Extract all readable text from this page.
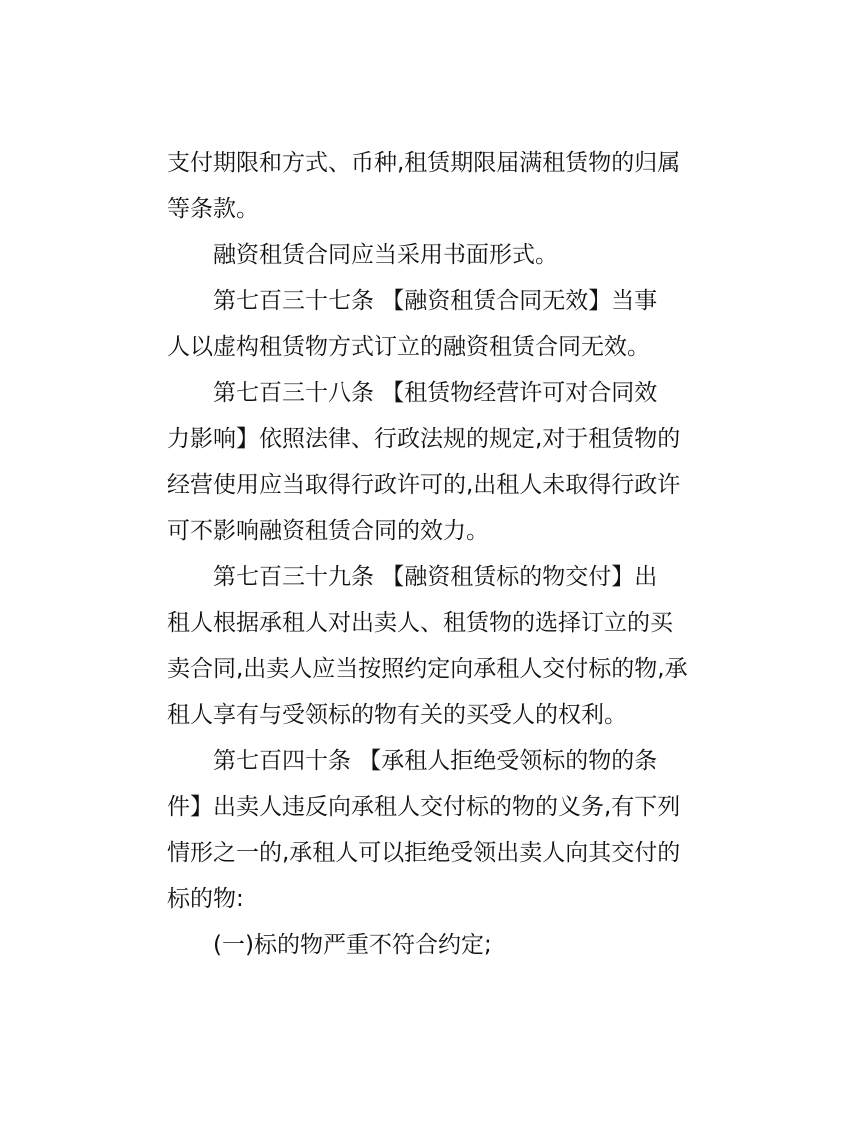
支付期限和方式、币种,租赁期限届满租赁物的归属
等条款。
融资租赁合同应当采用书面形式。
第七百三十七条 【融资租赁合同无效】当事
人以虚构租赁物方式订立的融资租赁合同无效。
第七百三十八条 【租赁物经营许可对合同效
力影响】依照法律、行政法规的规定,对于租赁物的
经营使用应当取得行政许可的,出租人未取得行政许
可不影响融资租赁合同的效力。
第七百三十九条 【融资租赁标的物交付】出
租人根据承租人对出卖人、租赁物的选择订立的买
卖合同,出卖人应当按照约定向承租人交付标的物,承
租人享有与受领标的物有关的买受人的权利。
第七百四十条 【承租人拒绝受领标的物的条
件】出卖人违反向承租人交付标的物的义务,有下列
情形之一的,承租人可以拒绝受领出卖人向其交付的
标的物:
(一)标的物严重不符合约定;
